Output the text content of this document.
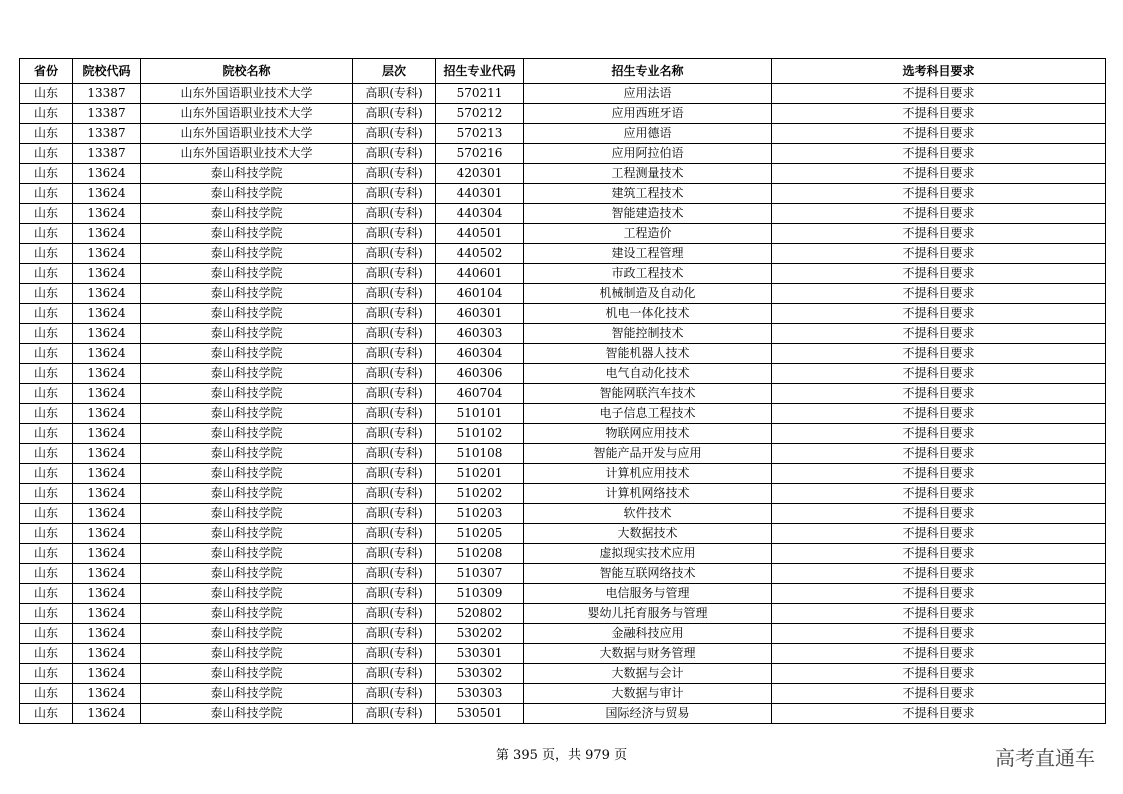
省份	院校代码	院校名称	层次	招生专业代码	招生专业名称	选考科目要求
山东	13387	山东外国语职业技术大学	高职(专科)	570211	应用法语	不提科目要求
山东	13387	山东外国语职业技术大学	高职(专科)	570212	应用西班牙语	不提科目要求
山东	13387	山东外国语职业技术大学	高职(专科)	570213	应用德语	不提科目要求
山东	13387	山东外国语职业技术大学	高职(专科)	570216	应用阿拉伯语	不提科目要求
山东	13624	泰山科技学院	高职(专科)	420301	工程测量技术	不提科目要求
山东	13624	泰山科技学院	高职(专科)	440301	建筑工程技术	不提科目要求
山东	13624	泰山科技学院	高职(专科)	440304	智能建造技术	不提科目要求
山东	13624	泰山科技学院	高职(专科)	440501	工程造价	不提科目要求
山东	13624	泰山科技学院	高职(专科)	440502	建设工程管理	不提科目要求
山东	13624	泰山科技学院	高职(专科)	440601	市政工程技术	不提科目要求
山东	13624	泰山科技学院	高职(专科)	460104	机械制造及自动化	不提科目要求
山东	13624	泰山科技学院	高职(专科)	460301	机电一体化技术	不提科目要求
山东	13624	泰山科技学院	高职(专科)	460303	智能控制技术	不提科目要求
山东	13624	泰山科技学院	高职(专科)	460304	智能机器人技术	不提科目要求
山东	13624	泰山科技学院	高职(专科)	460306	电气自动化技术	不提科目要求
山东	13624	泰山科技学院	高职(专科)	460704	智能网联汽车技术	不提科目要求
山东	13624	泰山科技学院	高职(专科)	510101	电子信息工程技术	不提科目要求
山东	13624	泰山科技学院	高职(专科)	510102	物联网应用技术	不提科目要求
山东	13624	泰山科技学院	高职(专科)	510108	智能产品开发与应用	不提科目要求
山东	13624	泰山科技学院	高职(专科)	510201	计算机应用技术	不提科目要求
山东	13624	泰山科技学院	高职(专科)	510202	计算机网络技术	不提科目要求
山东	13624	泰山科技学院	高职(专科)	510203	软件技术	不提科目要求
山东	13624	泰山科技学院	高职(专科)	510205	大数据技术	不提科目要求
山东	13624	泰山科技学院	高职(专科)	510208	虚拟现实技术应用	不提科目要求
山东	13624	泰山科技学院	高职(专科)	510307	智能互联网络技术	不提科目要求
山东	13624	泰山科技学院	高职(专科)	510309	电信服务与管理	不提科目要求
山东	13624	泰山科技学院	高职(专科)	520802	婴幼儿托育服务与管理	不提科目要求
山东	13624	泰山科技学院	高职(专科)	530202	金融科技应用	不提科目要求
山东	13624	泰山科技学院	高职(专科)	530301	大数据与财务管理	不提科目要求
山东	13624	泰山科技学院	高职(专科)	530302	大数据与会计	不提科目要求
山东	13624	泰山科技学院	高职(专科)	530303	大数据与审计	不提科目要求
山东	13624	泰山科技学院	高职(专科)	530501	国际经济与贸易	不提科目要求
第 395 页，共 979 页	高考直通车
